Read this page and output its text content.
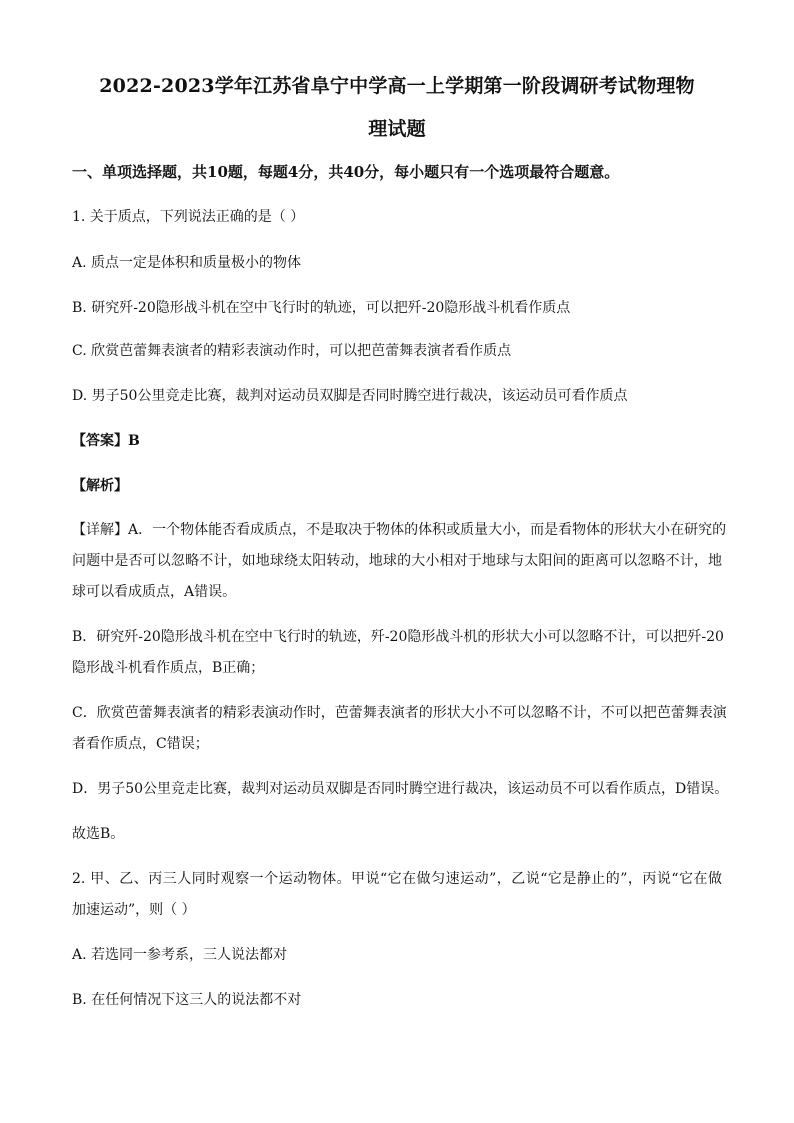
2022-2023学年江苏省阜宁中学高一上学期第一阶段调研考试物理物
理试题
一、单项选择题，共10题，每题4分，共40分，每小题只有一个选项最符合题意。
1. 关于质点，下列说法正确的是（ ）
A. 质点一定是体积和质量极小的物体
B. 研究歼-20隐形战斗机在空中飞行时的轨迹，可以把歼-20隐形战斗机看作质点
C. 欣赏芭蕾舞表演者的精彩表演动作时，可以把芭蕾舞表演者看作质点
D. 男子50公里竞走比赛，裁判对运动员双脚是否同时腾空进行裁决，该运动员可看作质点
【答案】B
【解析】
【详解】A．一个物体能否看成质点，不是取决于物体的体积或质量大小，而是看物体的形状大小在研究的
问题中是否可以忽略不计，如地球绕太阳转动，地球的大小相对于地球与太阳间的距离可以忽略不计，地
球可以看成质点，A错误。
B．研究歼-20隐形战斗机在空中飞行时的轨迹，歼-20隐形战斗机的形状大小可以忽略不计，可以把歼-20
隐形战斗机看作质点，B正确；
C．欣赏芭蕾舞表演者的精彩表演动作时，芭蕾舞表演者的形状大小不可以忽略不计，不可以把芭蕾舞表演
者看作质点，C错误；
D．男子50公里竞走比赛，裁判对运动员双脚是否同时腾空进行裁决，该运动员不可以看作质点，D错误。
故选B。
2. 甲、乙、丙三人同时观察一个运动物体。甲说“它在做匀速运动”，乙说“它是静止的”，丙说“它在做
加速运动”，则（ ）
A. 若选同一参考系，三人说法都对
B. 在任何情况下这三人的说法都不对
